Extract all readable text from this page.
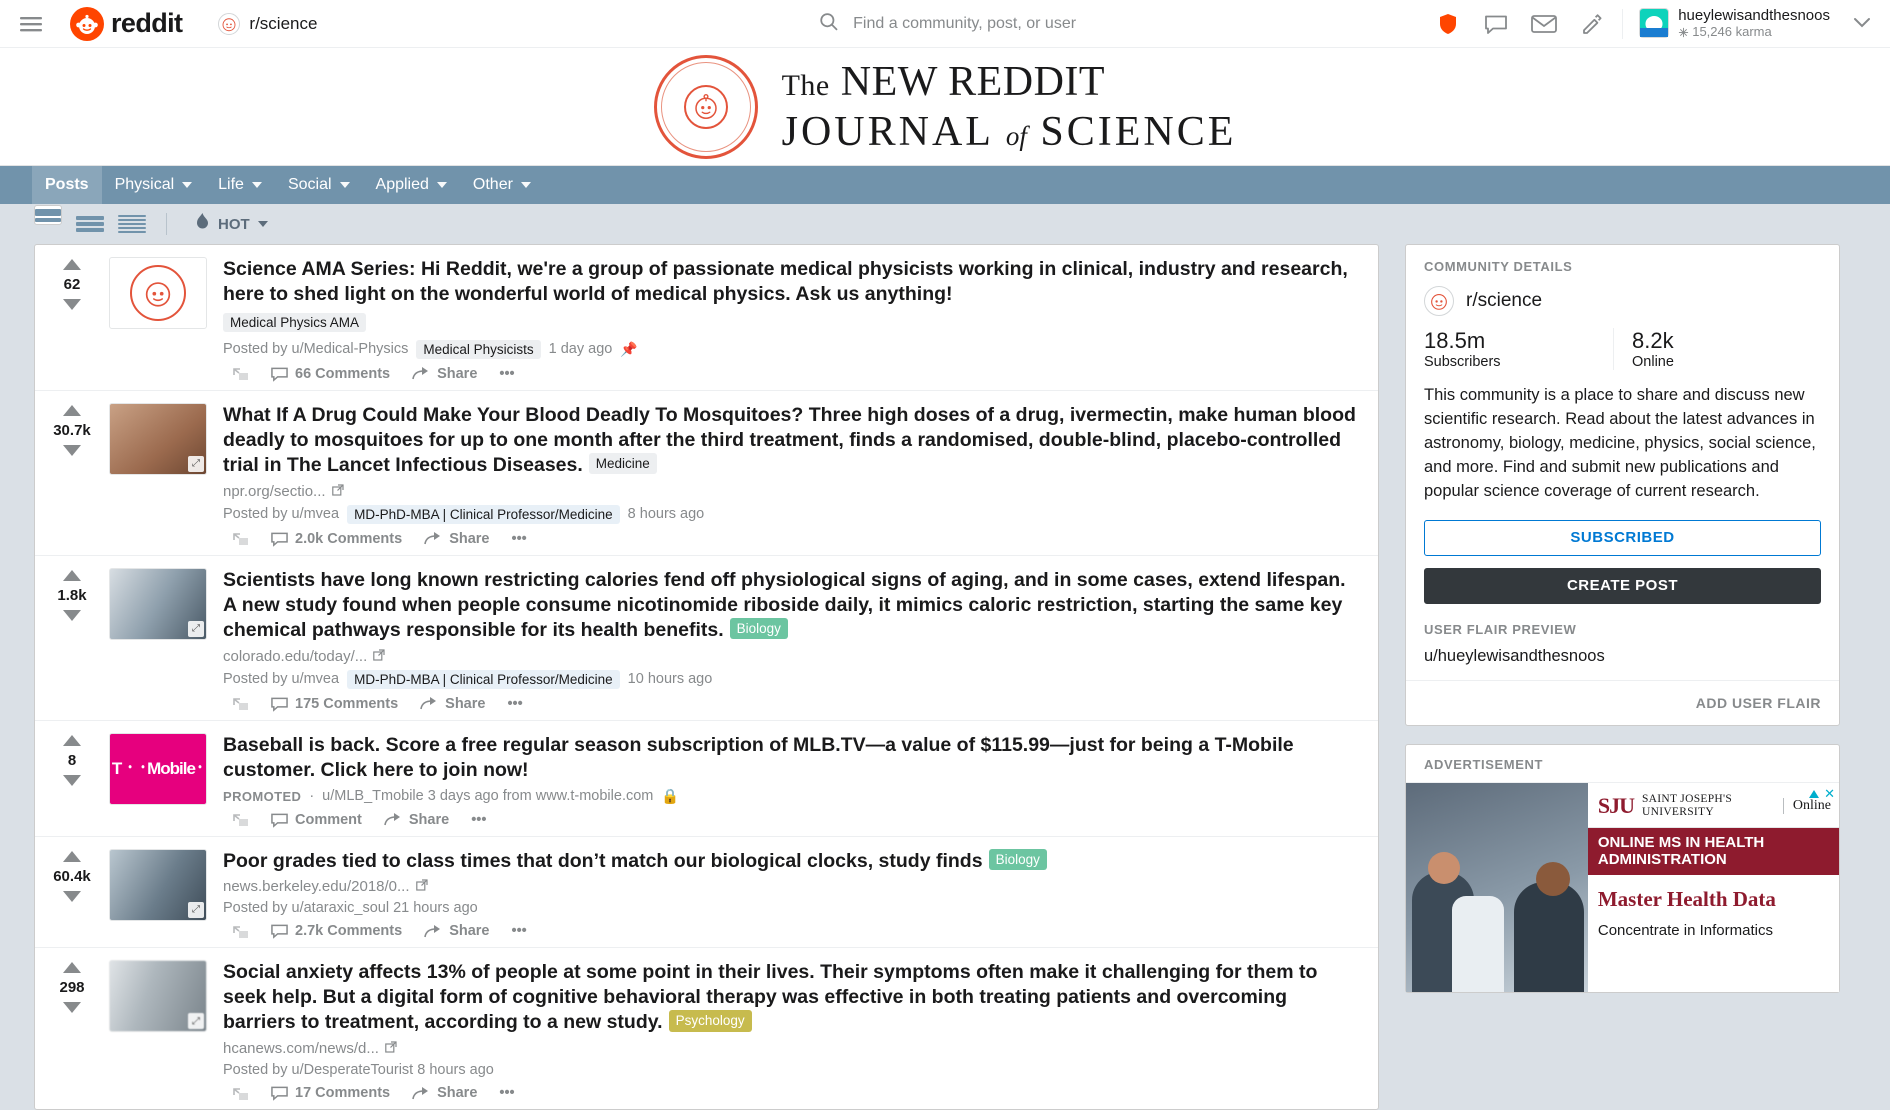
reddit	r/science
Find a community, post, or user	hueylewisandthesnoos

15,246 karma
The NEW REDDIT
JOURNAL of SCIENCE
Posts Physical	Life	Social	Applied	Other
HOT
62
Science AMA Series: Hi Reddit, we're a group of passionate medical physicists working in clinical, industry and research, here to shed light on the wonderful world of medical physics. Ask us anything!
Medical Physics AMA
Posted by u/Medical-Physics	Medical Physicists	1 day ago 📌
66 Comments	Share •••
30.7k
⤢
What If A Drug Could Make Your Blood Deadly To Mosquitoes? Three high doses of a drug, ivermectin, make human blood deadly to mosquitoes for up to one month after the third treatment, finds a randomised, double-blind, placebo-controlled trial in The Lancet Infectious Diseases. Medicine
npr.org/sectio...
Posted by u/mvea	MD-PhD-MBA | Clinical Professor/Medicine	8 hours ago
2.0k Comments	Share •••
1.8k
⤢
Scientists have long known restricting calories fend off physiological signs of aging, and in some cases, extend lifespan. A new study found when people consume nicotinomide riboside daily, it mimics caloric restriction, starting the same key chemical pathways responsible for its health benefits. Biology
colorado.edu/today/...
Posted by u/mvea	MD-PhD-MBA | Clinical Professor/Medicine	10 hours ago
175 Comments	Share •••
8 T ᛫ ᛫Mobile᛫
Baseball is back. Score a free regular season subscription of MLB.TV—a value of $115.99—just for being a T-Mobile customer. Click here to join now!
PROMOTED · u/MLB_Tmobile 3 days ago from www.t-mobile.com 🔒
Comment	Share •••
60.4k
⤢
Poor grades tied to class times that don’t match our biological clocks, study finds Biology
news.berkeley.edu/2018/0...
Posted by u/ataraxic_soul 21 hours ago
2.7k Comments	Share •••
298
⤢
Social anxiety affects 13% of people at some point in their lives. Their symptoms often make it challenging for them to seek help. But a digital form of cognitive behavioral therapy was effective in both treating patients and overcoming barriers to treatment, according to a new study. Psychology
hcanews.com/news/d...
Posted by u/DesperateTourist 8 hours ago
17 Comments	Share •••
COMMUNITY DETAILS
r/science
18.5m
Subscribers
8.2k
Online
This community is a place to share and discuss new scientific research. Read about the latest advances in astronomy, biology, medicine, physics, social science, and more. Find and submit new publications and popular science coverage of current research.
SUBSCRIBED
CREATE POST
USER FLAIR PREVIEW
u/hueylewisandthesnoos
ADD USER FLAIR
ADVERTISEMENT
✕
SJU SAINT JOSEPH'S UNIVERSITY	Online
ONLINE MS IN HEALTH
ADMINISTRATION
Master Health Data
Concentrate in Informatics
